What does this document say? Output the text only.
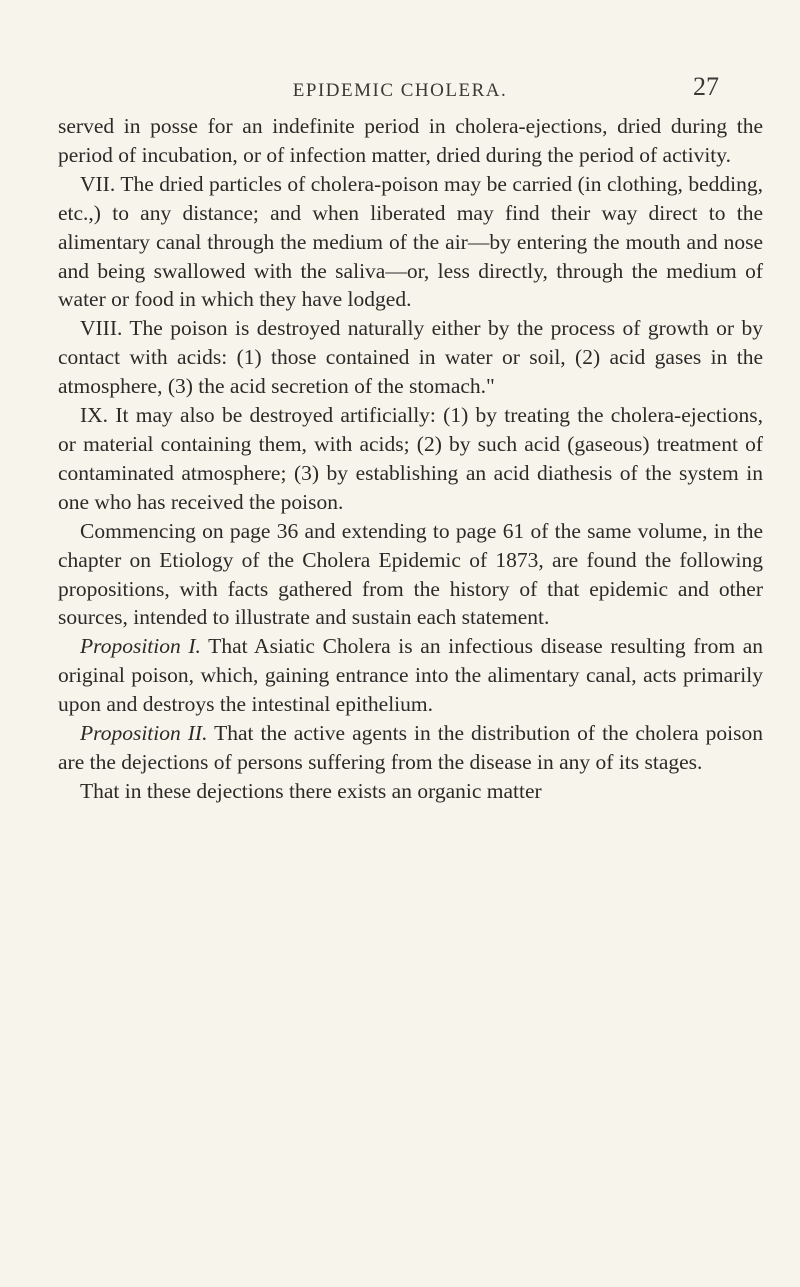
EPIDEMIC CHOLERA.	27

served in posse for an indefinite period in cholera-ejections, dried during the period of incubation, or of infection matter, dried during the period of activity.

VII. The dried particles of cholera-poison may be carried (in clothing, bedding, etc.,) to any distance; and when liberated may find their way direct to the alimentary canal through the medium of the air—by entering the mouth and nose and being swallowed with the saliva—or, less directly, through the medium of water or food in which they have lodged.

VIII. The poison is destroyed naturally either by the process of growth or by contact with acids: (1) those contained in water or soil, (2) acid gases in the atmosphere, (3) the acid secretion of the stomach."

IX. It may also be destroyed artificially: (1) by treating the cholera-ejections, or material containing them, with acids; (2) by such acid (gaseous) treatment of contaminated atmosphere; (3) by establishing an acid diathesis of the system in one who has received the poison.

Commencing on page 36 and extending to page 61 of the same volume, in the chapter on Etiology of the Cholera Epidemic of 1873, are found the following propositions, with facts gathered from the history of that epidemic and other sources, intended to illustrate and sustain each statement.

Proposition I. That Asiatic Cholera is an infectious disease resulting from an original poison, which, gaining entrance into the alimentary canal, acts primarily upon and destroys the intestinal epithelium.

Proposition II. That the active agents in the distribution of the cholera poison are the dejections of persons suffering from the disease in any of its stages.

That in these dejections there exists an organic matter
